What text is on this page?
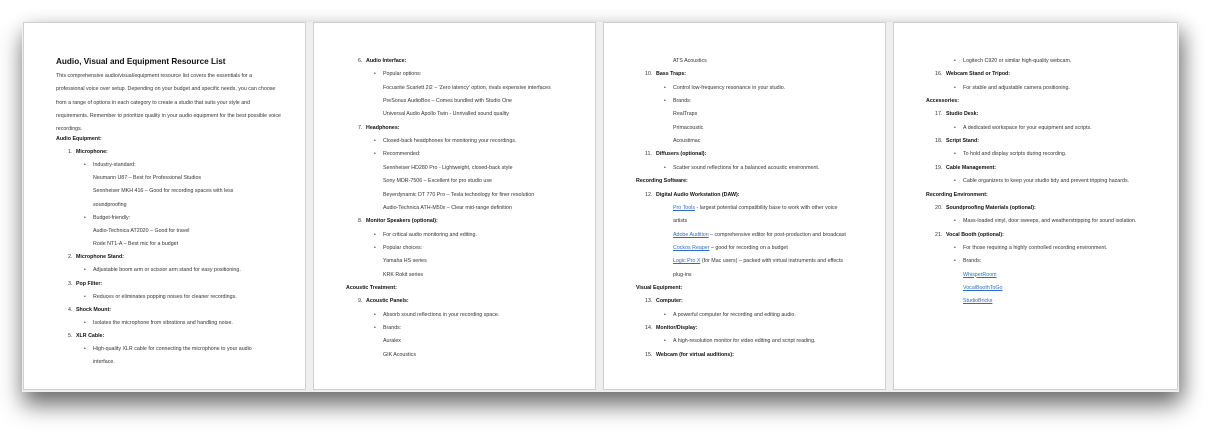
Audio, Visual and Equipment Resource List
This comprehensive audio/visual/equipment resource list covers the essentials for a professional voice over setup. Depending on your budget and specific needs, you can choose from a range of options in each category to create a studio that suits your style and requirements. Remember to prioritize quality in your audio equipment for the best possible voice recordings.
Audio Equipment:
1. Microphone:
• Industry-standard:
Neumann U87 – Best for Professional Studios
Sennheiser MKH 416 – Good for recording spaces with less
soundproofing
• Budget-friendly:
Audio-Technica AT2020 – Good for travel
Rode NT1-A – Best mic for a budget
2. Microphone Stand:
• Adjustable boom arm or scissor arm stand for easy positioning.
3. Pop Filter:
• Reduces or eliminates popping noises for cleaner recordings.
4. Shock Mount:
• Isolates the microphone from vibrations and handling noise.
5. XLR Cable:
• High-quality XLR cable for connecting the microphone to your audio
interface.
6. Audio Interface:
• Popular options:
Focusrite Scarlett 2i2 – 'Zero latency' option, rivals expensive interfaces
PreSonus AudioBox – Comes bundled with Studio One
Universal Audio Apollo Twin - Unrivalled sound quality
7. Headphones:
• Closed-back headphones for monitoring your recordings.
• Recommended:
Sennheiser HD280 Pro - Lightweight, closed-back style
Sony MDR-7506 – Excellent for pro studio use
Beyerdynamic DT 770 Pro – Tesla technology for finer resolution
Audio-Technica ATH-M50x – Clear mid-range definition
8. Monitor Speakers (optional):
• For critical audio monitoring and editing.
• Popular choices:
Yamaha HS series
KRK Rokit series
Acoustic Treatment:
9. Acoustic Panels:
• Absorb sound reflections in your recording space.
• Brands:
Auralex
GIK Acoustics
ATS Acoustics
10. Bass Traps:
• Control low-frequency resonance in your studio.
• Brands:
RealTraps
Primacoustic
Acoustimac
11. Diffusers (optional):
• Scatter sound reflections for a balanced acoustic environment.
Recording Software:
12. Digital Audio Workstation (DAW):
Pro Tools - largest potential compatibility base to work with other voice
artists
Adobe Audition – comprehensive editor for post-production and broadcast
Cockos Reaper – good for recording on a budget
Logic Pro X (for Mac users) – packed with virtual instruments and effects
plug-ins
Visual Equipment:
13. Computer:
• A powerful computer for recording and editing audio.
14. Monitor/Display:
• A high-resolution monitor for video editing and script reading.
15. Webcam (for virtual auditions):
• Logitech C920 or similar high-quality webcam.
16. Webcam Stand or Tripod:
• For stable and adjustable camera positioning.
Accessories:
17. Studio Desk:
• A dedicated workspace for your equipment and scripts.
18. Script Stand:
• To hold and display scripts during recording.
19. Cable Management:
• Cable organizers to keep your studio tidy and prevent tripping hazards.
Recording Environment:
20. Soundproofing Materials (optional):
• Mass-loaded vinyl, door sweeps, and weatherstripping for sound isolation.
21. Vocal Booth (optional):
• For those requiring a highly controlled recording environment.
• Brands:
WhisperRoom
VocalBoothToGo
StudioBricks
